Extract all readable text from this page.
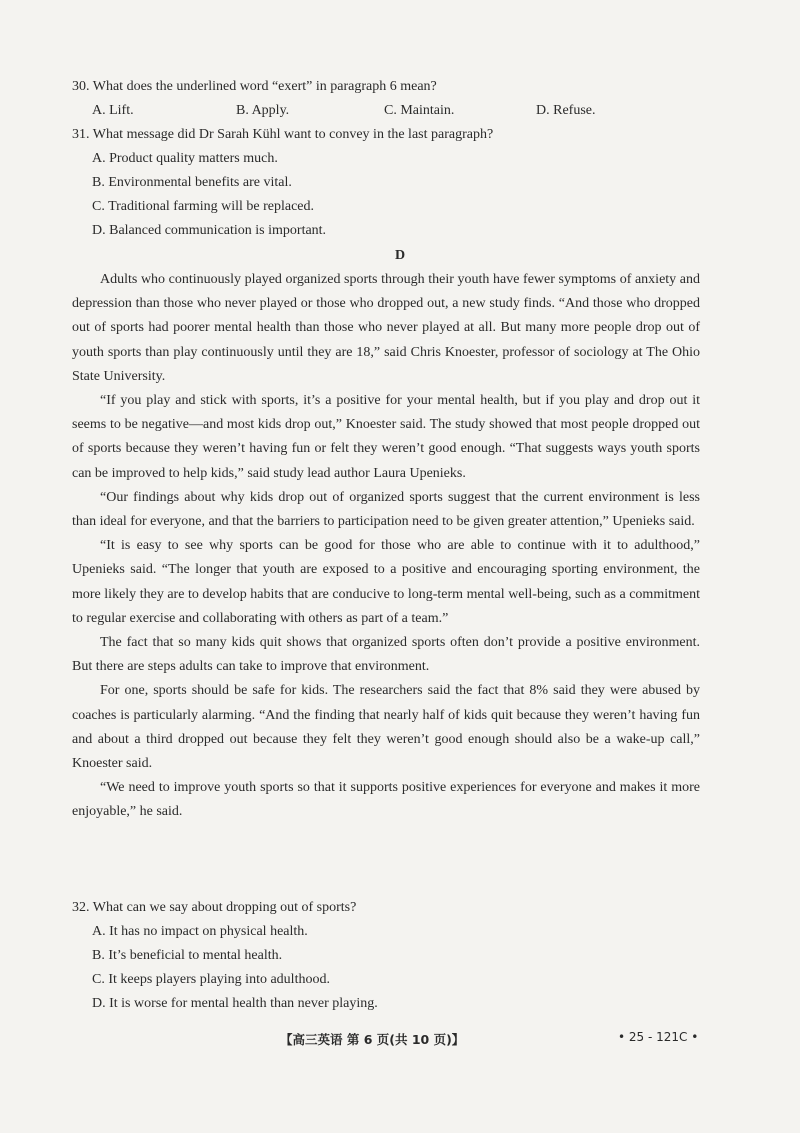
30. What does the underlined word “exert” in paragraph 6 mean?
A. Lift.	B. Apply.	C. Maintain.	D. Refuse.
31. What message did Dr Sarah Kühl want to convey in the last paragraph?
A. Product quality matters much.
B. Environmental benefits are vital.
C. Traditional farming will be replaced.
D. Balanced communication is important.
D

Adults who continuously played organized sports through their youth have fewer symptoms of anxiety and depression than those who never played or those who dropped out, a new study finds. “And those who dropped out of sports had poorer mental health than those who never played at all. But many more people drop out of youth sports than play continuously until they are 18,” said Chris Knoester, professor of sociology at The Ohio State University.

“If you play and stick with sports, it’s a positive for your mental health, but if you play and drop out it seems to be negative—and most kids drop out,” Knoester said. The study showed that most people dropped out of sports because they weren’t having fun or felt they weren’t good enough. “That suggests ways youth sports can be improved to help kids,” said study lead author Laura Upenieks.

“Our findings about why kids drop out of organized sports suggest that the current environment is less than ideal for everyone, and that the barriers to participation need to be given greater attention,” Upenieks said.

“It is easy to see why sports can be good for those who are able to continue with it to adulthood,” Upenieks said. “The longer that youth are exposed to a positive and encouraging sporting environment, the more likely they are to develop habits that are conducive to long-term mental well-being, such as a commitment to regular exercise and collaborating with others as part of a team.”

The fact that so many kids quit shows that organized sports often don’t provide a positive environment. But there are steps adults can take to improve that environment.

For one, sports should be safe for kids. The researchers said the fact that 8% said they were abused by coaches is particularly alarming. “And the finding that nearly half of kids quit because they weren’t having fun and about a third dropped out because they felt they weren’t good enough should also be a wake-up call,” Knoester said.

“We need to improve youth sports so that it supports positive experiences for everyone and makes it more enjoyable,” he said.

32. What can we say about dropping out of sports?
A. It has no impact on physical health.
B. It’s beneficial to mental health.
C. It keeps players playing into adulthood.
D. It is worse for mental health than never playing.
【高三英语 第 6 页(共 10 页)】	• 25 - 121C •
